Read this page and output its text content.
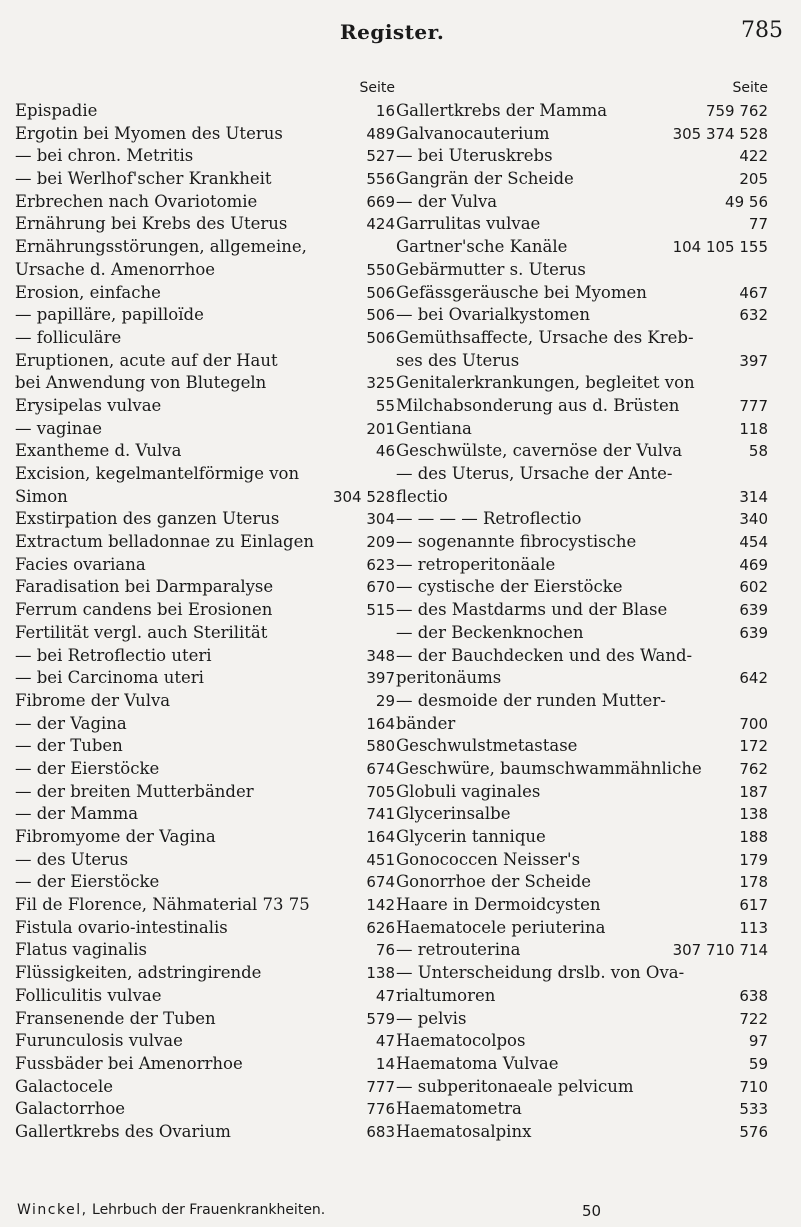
Register.	785
Seite
Epispadie	16
Ergotin bei Myomen des Uterus	489
— bei chron. Metritis	527
— bei Werlhof'scher Krankheit	556
Erbrechen nach Ovariotomie	669
Ernährung bei Krebs des Uterus	424
Ernährungsstörungen, allgemeine,
Ursache d. Amenorrhoe	550
Erosion, einfache	506
— papilläre, papilloïde	506
— folliculäre	506
Eruptionen, acute auf der Haut
bei Anwendung von Blutegeln	325
Erysipelas vulvae	55
— vaginae	201
Exantheme d. Vulva	46
Excision, kegelmantelförmige von
Simon	304 528
Exstirpation des ganzen Uterus	304
Extractum belladonnae zu Einlagen	209
Facies ovariana	623
Faradisation bei Darmparalyse	670
Ferrum candens bei Erosionen	515
Fertilität vergl. auch Sterilität
— bei Retroflectio uteri	348
— bei Carcinoma uteri	397
Fibrome der Vulva	29
— der Vagina	164
— der Tuben	580
— der Eierstöcke	674
— der breiten Mutterbänder	705
— der Mamma	741
Fibromyome der Vagina	164
— des Uterus	451
— der Eierstöcke	674
Fil de Florence, Nähmaterial 73 75	142
Fistula ovario-intestinalis	626
Flatus vaginalis	76
Flüssigkeiten, adstringirende	138
Folliculitis vulvae	47
Fransenende der Tuben	579
Furunculosis vulvae	47
Fussbäder bei Amenorrhoe	14
Galactocele	777
Galactorrhoe	776
Gallertkrebs des Ovarium	683
Seite
Gallertkrebs der Mamma	759 762
Galvanocauterium	305 374 528
— bei Uteruskrebs	422
Gangrän der Scheide	205
— der Vulva	49 56
Garrulitas vulvae	77
Gartner'sche Kanäle	104 105 155
Gebärmutter s. Uterus
Gefässgeräusche bei Myomen	467
— bei Ovarialkystomen	632
Gemüthsaffecte, Ursache des Kreb-
ses des Uterus	397
Genitalerkrankungen, begleitet von
Milchabsonderung aus d. Brüsten	777
Gentiana	118
Geschwülste, cavernöse der Vulva	58
— des Uterus, Ursache der Ante-
flectio	314
— — — — Retroflectio	340
— sogenannte fibrocystische	454
— retroperitonäale	469
— cystische der Eierstöcke	602
— des Mastdarms und der Blase	639
— der Beckenknochen	639
— der Bauchdecken und des Wand-
peritonäums	642
— desmoide der runden Mutter-
bänder	700
Geschwulstmetastase	172
Geschwüre, baumschwammähnliche	762
Globuli vaginales	187
Glycerinsalbe	138
Glycerin tannique	188
Gonococcen Neisser's	179
Gonorrhoe der Scheide	178
Haare in Dermoidcysten	617
Haematocele periuterina	113
— retrouterina	307 710 714
— Unterscheidung drslb. von Ova-
rialtumoren	638
— pelvis	722
Haematocolpos	97
Haematoma Vulvae	59
— subperitonaeale pelvicum	710
Haematometra	533
Haematosalpinx	576
Winckel, Lehrbuch der Frauenkrankheiten.	50
